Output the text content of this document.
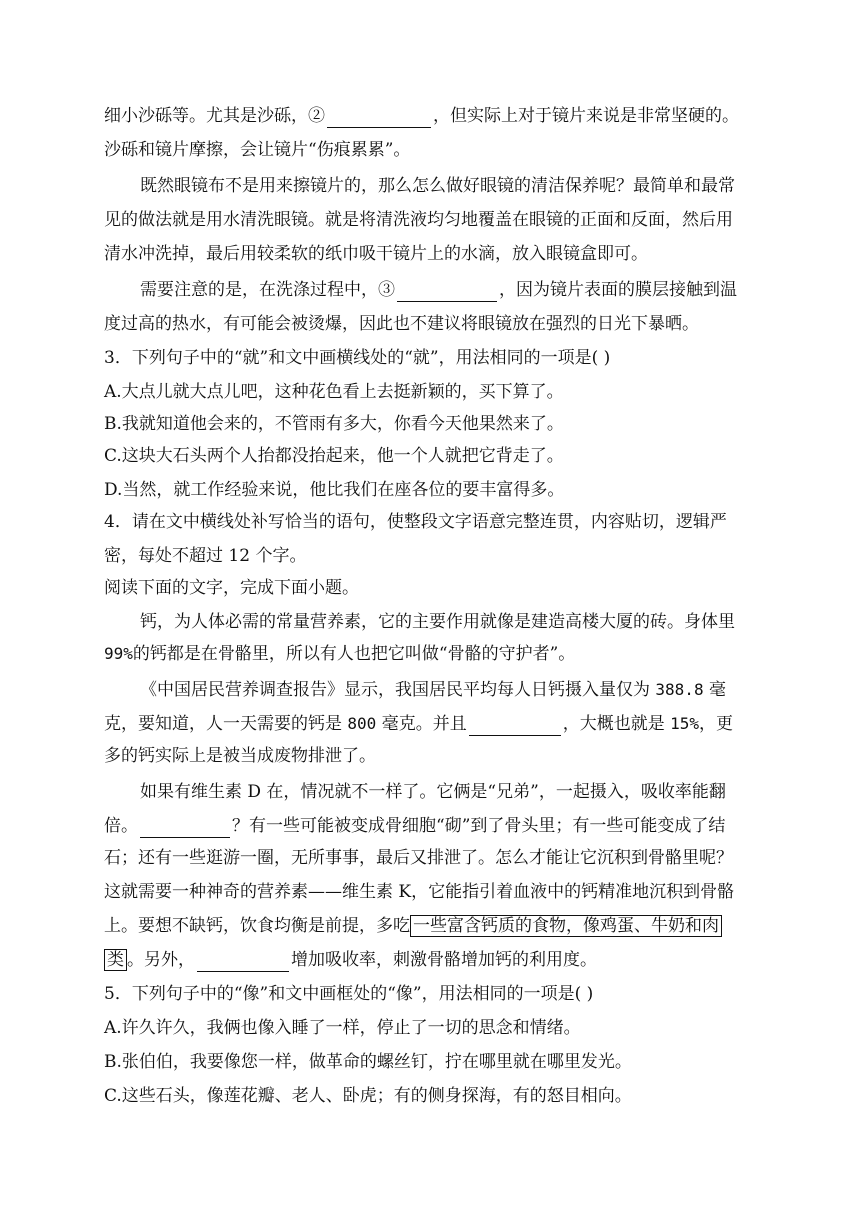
细小沙砾等。尤其是沙砾，②	，但实际上对于镜片来说是非常坚硬的。
沙砾和镜片摩擦，会让镜片“伤痕累累”。
既然眼镜布不是用来擦镜片的，那么怎么做好眼镜的清洁保养呢？最简单和最常
见的做法就是用水清洗眼镜。就是将清洗液均匀地覆盖在眼镜的正面和反面，然后用
清水冲洗掉，最后用较柔软的纸巾吸干镜片上的水滴，放入眼镜盒即可。
需要注意的是，在洗涤过程中，③	，因为镜片表面的膜层接触到温
度过高的热水，有可能会被烫爆，因此也不建议将眼镜放在强烈的日光下暴晒。
3．下列句子中的“就”和文中画横线处的“就”，用法相同的一项是( )
A.大点儿就大点儿吧，这种花色看上去挺新颖的，买下算了。
B.我就知道他会来的，不管雨有多大，你看今天他果然来了。
C.这块大石头两个人抬都没抬起来，他一个人就把它背走了。
D.当然，就工作经验来说，他比我们在座各位的要丰富得多。
4．请在文中横线处补写恰当的语句，使整段文字语意完整连贯，内容贴切，逻辑严
密，每处不超过 12 个字。
阅读下面的文字，完成下面小题。
钙，为人体必需的常量营养素，它的主要作用就像是建造高楼大厦的砖。身体里
99%的钙都是在骨骼里，所以有人也把它叫做“骨骼的守护者”。
《中国居民营养调查报告》显示，我国居民平均每人日钙摄入量仅为 388.8 毫
克，要知道，人一天需要的钙是 800 毫克。并且	，大概也就是 15%，更
多的钙实际上是被当成废物排泄了。
如果有维生素 D 在，情况就不一样了。它俩是“兄弟”，一起摄入，吸收率能翻
倍。	？有一些可能被变成骨细胞“砌”到了骨头里；有一些可能变成了结
石；还有一些逛游一圈，无所事事，最后又排泄了。怎么才能让它沉积到骨骼里呢？
这就需要一种神奇的营养素——维生素 K，它能指引着血液中的钙精准地沉积到骨骼
上。要想不缺钙，饮食均衡是前提，多吃 一些富含钙质的食物，像鸡蛋、牛奶和肉
类 。另外，	增加吸收率，刺激骨骼增加钙的利用度。
5．下列句子中的“像”和文中画框处的“像”，用法相同的一项是( )
A.许久许久，我俩也像入睡了一样，停止了一切的思念和情绪。
B.张伯伯，我要像您一样，做革命的螺丝钉，拧在哪里就在哪里发光。
C.这些石头，像莲花瓣、老人、卧虎；有的侧身探海，有的怒目相向。
